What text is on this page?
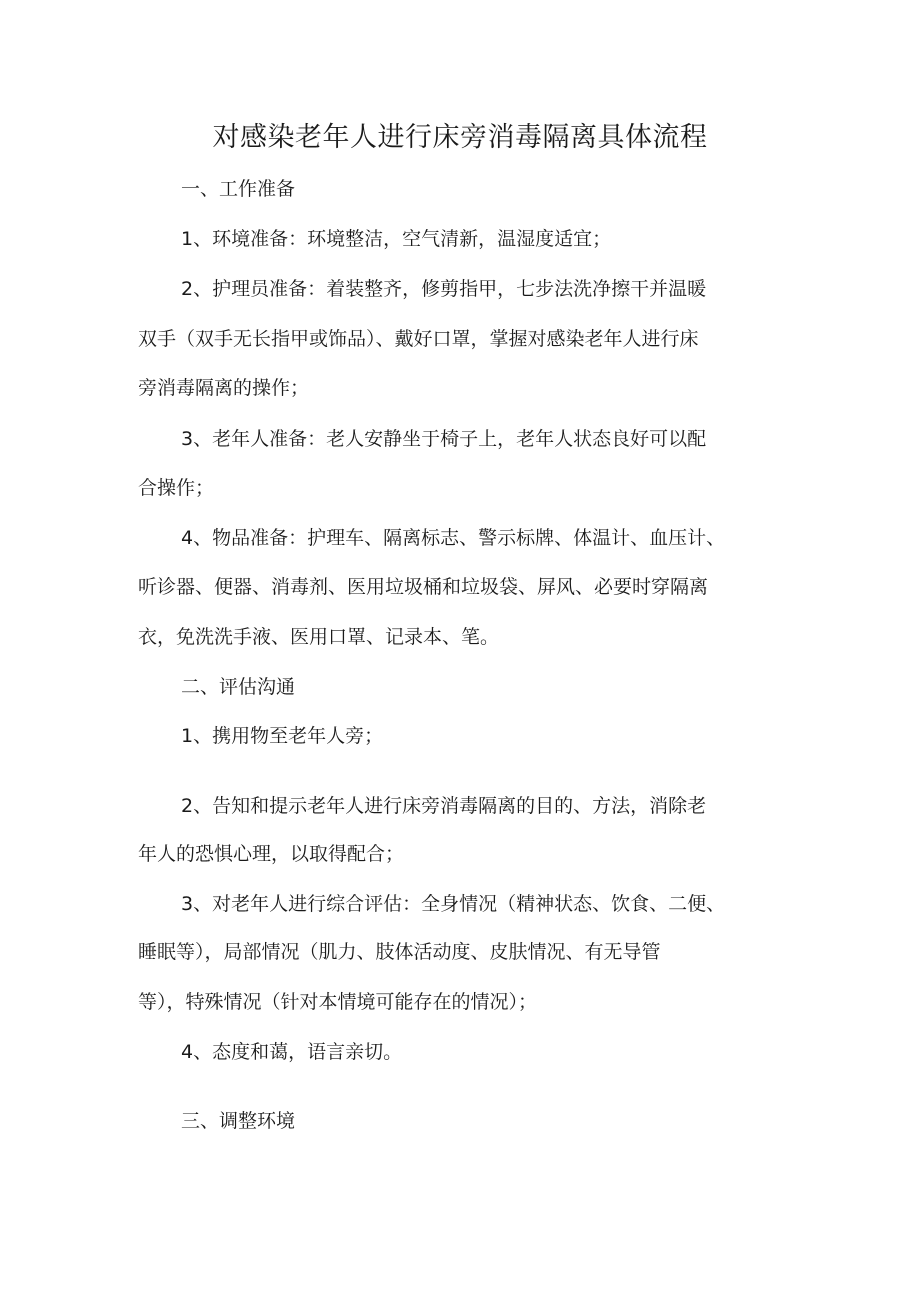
对感染老年人进行床旁消毒隔离具体流程

一、工作准备

1、环境准备：环境整洁，空气清新，温湿度适宜；

2、护理员准备：着装整齐，修剪指甲，七步法洗净擦干并温暖

双手（双手无长指甲或饰品）、戴好口罩，掌握对感染老年人进行床

旁消毒隔离的操作；

3、老年人准备：老人安静坐于椅子上，老年人状态良好可以配

合操作；

4、物品准备：护理车、隔离标志、警示标牌、体温计、血压计、

听诊器、便器、消毒剂、医用垃圾桶和垃圾袋、屏风、必要时穿隔离

衣，免洗洗手液、医用口罩、记录本、笔。

二、评估沟通

1、携用物至老年人旁；

2、告知和提示老年人进行床旁消毒隔离的目的、方法，消除老

年人的恐惧心理，以取得配合；

3、对老年人进行综合评估：全身情况（精神状态、饮食、二便、

睡眠等），局部情况（肌力、肢体活动度、皮肤情况、有无导管

等），特殊情况（针对本情境可能存在的情况）；

4、态度和蔼，语言亲切。

三、调整环境
